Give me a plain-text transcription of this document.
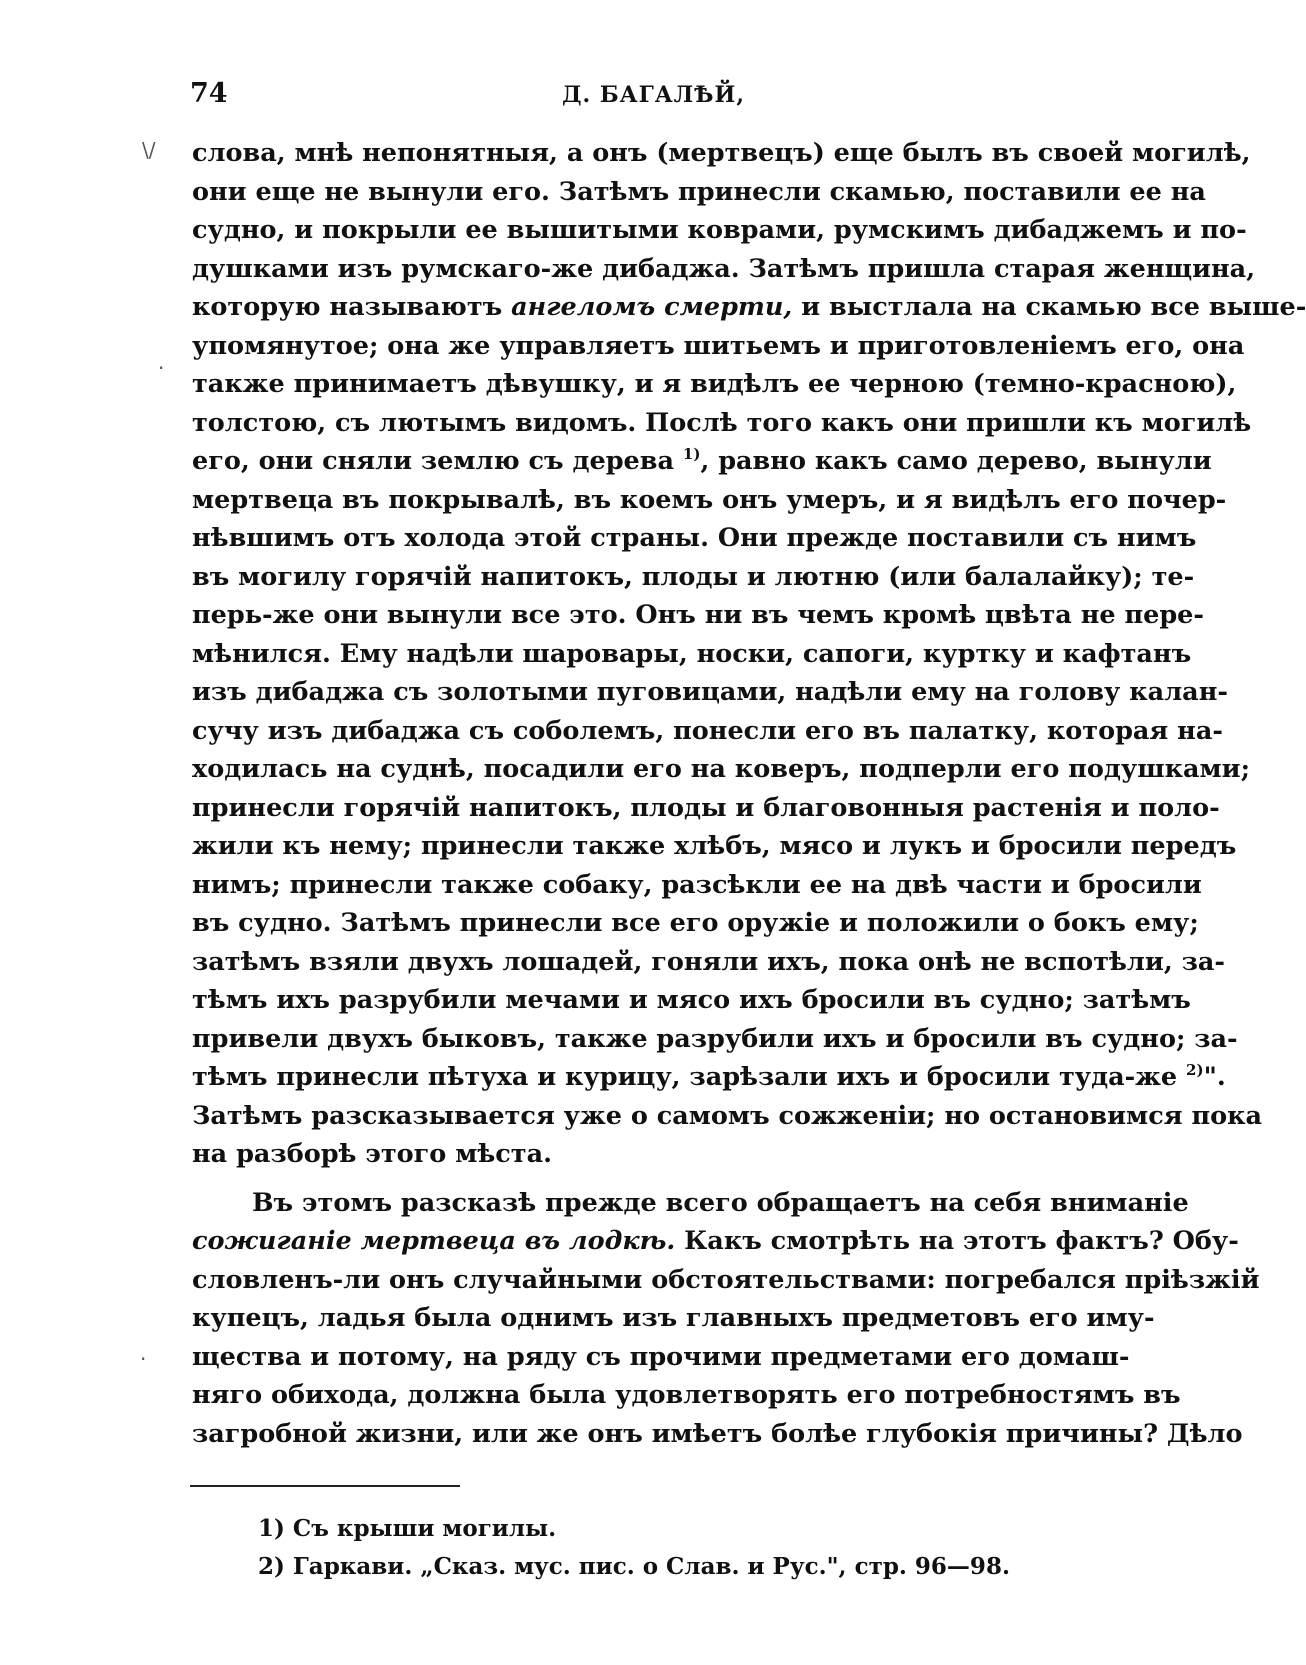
74	Д. БАГАЛѢЙ,
\/
·
·
слова, мнѣ непонятныя, а онъ (мертвецъ) еще былъ въ своей могилѣ,
они еще не вынули его. Затѣмъ принесли скамью, поставили ее на
судно, и покрыли ее вышитыми коврами, румскимъ дибаджемъ и по-
душками изъ румскаго-же дибаджа. Затѣмъ пришла старая женщина,
которую называютъ ангеломъ смерти, и выстлала на скамью все выше-
упомянутое; она же управляетъ шитьемъ и приготовленіемъ его, она
также принимаетъ дѣвушку, и я видѣлъ ее черною (темно-красною),
толстою, съ лютымъ видомъ. Послѣ того какъ они пришли къ могилѣ
его, они сняли землю съ дерева $^{1)}$, равно какъ само дерево, вынули
мертвеца въ покрывалѣ, въ коемъ онъ умеръ, и я видѣлъ его почер-
нѣвшимъ отъ холода этой страны. Они прежде поставили съ нимъ
въ могилу горячій напитокъ, плоды и лютню (или балалайку); те-
перь-же они вынули все это. Онъ ни въ чемъ кромѣ цвѣта не пере-
мѣнился. Ему надѣли шаровары, носки, сапоги, куртку и кафтанъ
изъ дибаджа съ золотыми пуговицами, надѣли ему на голову калан-
сучу изъ дибаджа съ соболемъ, понесли его въ палатку, которая на-
ходилась на суднѣ, посадили его на коверъ, подперли его подушками;
принесли горячій напитокъ, плоды и благовонныя растенія и поло-
жили къ нему; принесли также хлѣбъ, мясо и лукъ и бросили передъ
нимъ; принесли также собаку, разсѣкли ее на двѣ части и бросили
въ судно. Затѣмъ принесли все его оружіе и положили о бокъ ему;
затѣмъ взяли двухъ лошадей, гоняли ихъ, пока онѣ не вспотѣли, за-
тѣмъ ихъ разрубили мечами и мясо ихъ бросили въ судно; затѣмъ
привели двухъ быковъ, также разрубили ихъ и бросили въ судно; за-
тѣмъ принесли пѣтуха и курицу, зарѣзали ихъ и бросили туда-же $^{2)}$".
Затѣмъ разсказывается уже о самомъ сожженіи; но остановимся пока
на разборѣ этого мѣста.
Въ этомъ разсказѣ прежде всего обращаетъ на себя вниманіе
сожиганіе мертвеца въ лодкѣ. Какъ смотрѣть на этотъ фактъ? Обу-
словленъ-ли онъ случайными обстоятельствами: погребался пріѣзжій
купецъ, ладья была однимъ изъ главныхъ предметовъ его иму-
щества и потому, на ряду съ прочими предметами его домаш-
няго обихода, должна была удовлетворять его потребностямъ въ
загробной жизни, или же онъ имѣетъ болѣе глубокія причины? Дѣло
1) Съ крыши могилы.
2) Гаркави. „Сказ. мус. пис. о Слав. и Рус.", стр. 96—98.
